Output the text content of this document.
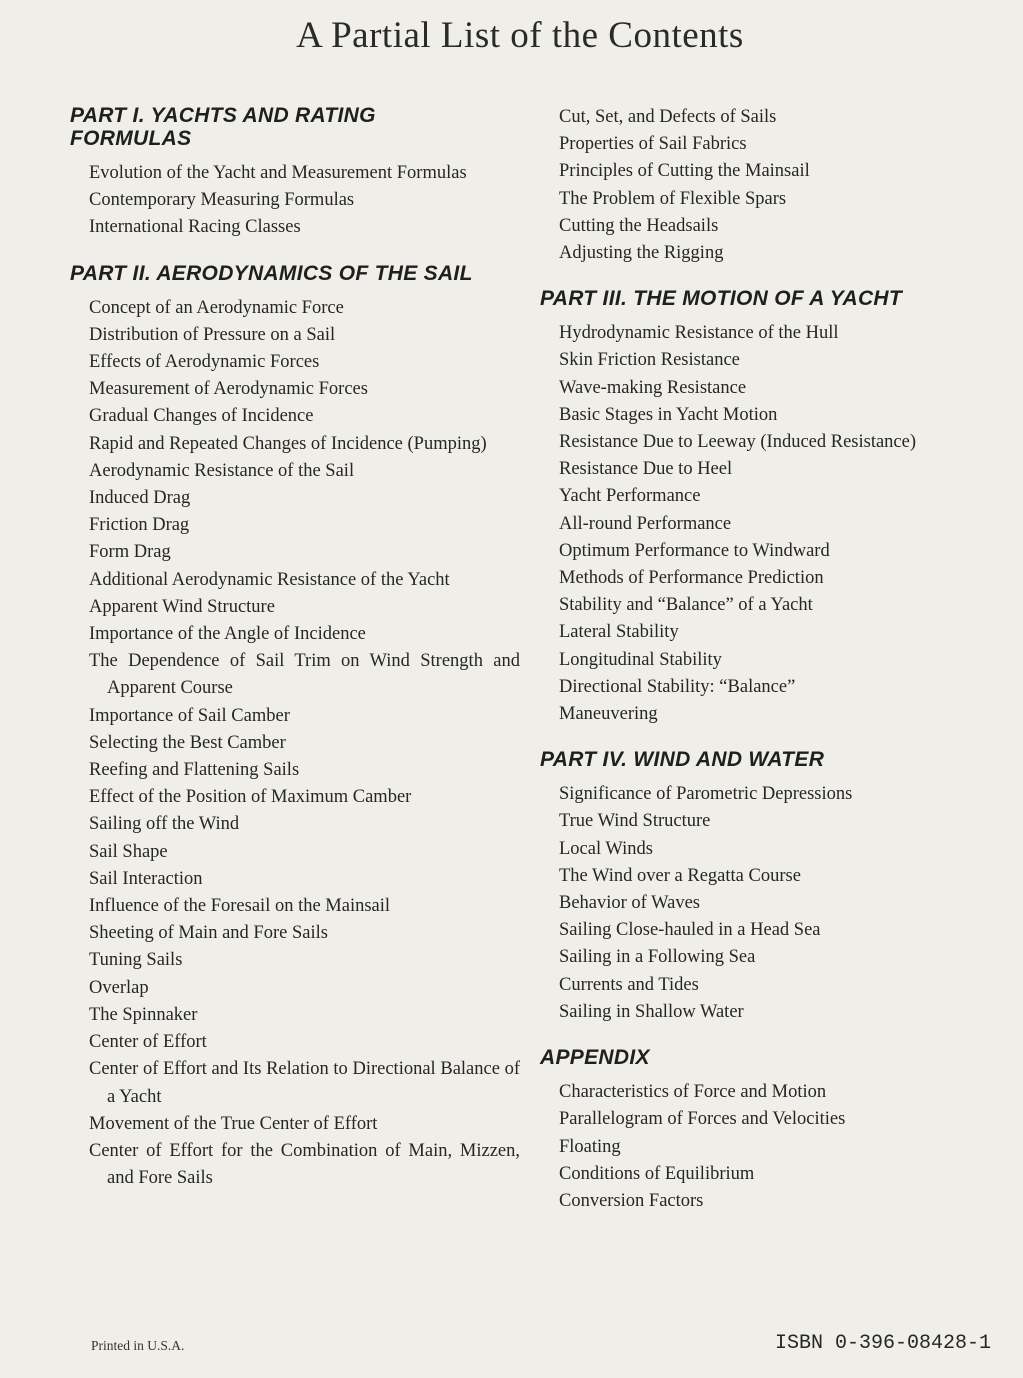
A Partial List of the Contents
PART I. YACHTS AND RATING FORMULAS
Evolution of the Yacht and Measurement Formulas
Contemporary Measuring Formulas
International Racing Classes
PART II. AERODYNAMICS OF THE SAIL
Concept of an Aerodynamic Force
Distribution of Pressure on a Sail
Effects of Aerodynamic Forces
Measurement of Aerodynamic Forces
Gradual Changes of Incidence
Rapid and Repeated Changes of Incidence (Pumping)
Aerodynamic Resistance of the Sail
Induced Drag
Friction Drag
Form Drag
Additional Aerodynamic Resistance of the Yacht
Apparent Wind Structure
Importance of the Angle of Incidence
The Dependence of Sail Trim on Wind Strength and Apparent Course
Importance of Sail Camber
Selecting the Best Camber
Reefing and Flattening Sails
Effect of the Position of Maximum Camber
Sailing off the Wind
Sail Shape
Sail Interaction
Influence of the Foresail on the Mainsail
Sheeting of Main and Fore Sails
Tuning Sails
Overlap
The Spinnaker
Center of Effort
Center of Effort and Its Relation to Directional Balance of a Yacht
Movement of the True Center of Effort
Center of Effort for the Combination of Main, Mizzen, and Fore Sails
Cut, Set, and Defects of Sails
Properties of Sail Fabrics
Principles of Cutting the Mainsail
The Problem of Flexible Spars
Cutting the Headsails
Adjusting the Rigging
PART III. THE MOTION OF A YACHT
Hydrodynamic Resistance of the Hull
Skin Friction Resistance
Wave-making Resistance
Basic Stages in Yacht Motion
Resistance Due to Leeway (Induced Resistance)
Resistance Due to Heel
Yacht Performance
All-round Performance
Optimum Performance to Windward
Methods of Performance Prediction
Stability and “Balance” of a Yacht
Lateral Stability
Longitudinal Stability
Directional Stability: “Balance”
Maneuvering
PART IV. WIND AND WATER
Significance of Parometric Depressions
True Wind Structure
Local Winds
The Wind over a Regatta Course
Behavior of Waves
Sailing Close-hauled in a Head Sea
Sailing in a Following Sea
Currents and Tides
Sailing in Shallow Water
APPENDIX
Characteristics of Force and Motion
Parallelogram of Forces and Velocities
Floating
Conditions of Equilibrium
Conversion Factors
Printed in U.S.A.	ISBN 0-396-08428-1
